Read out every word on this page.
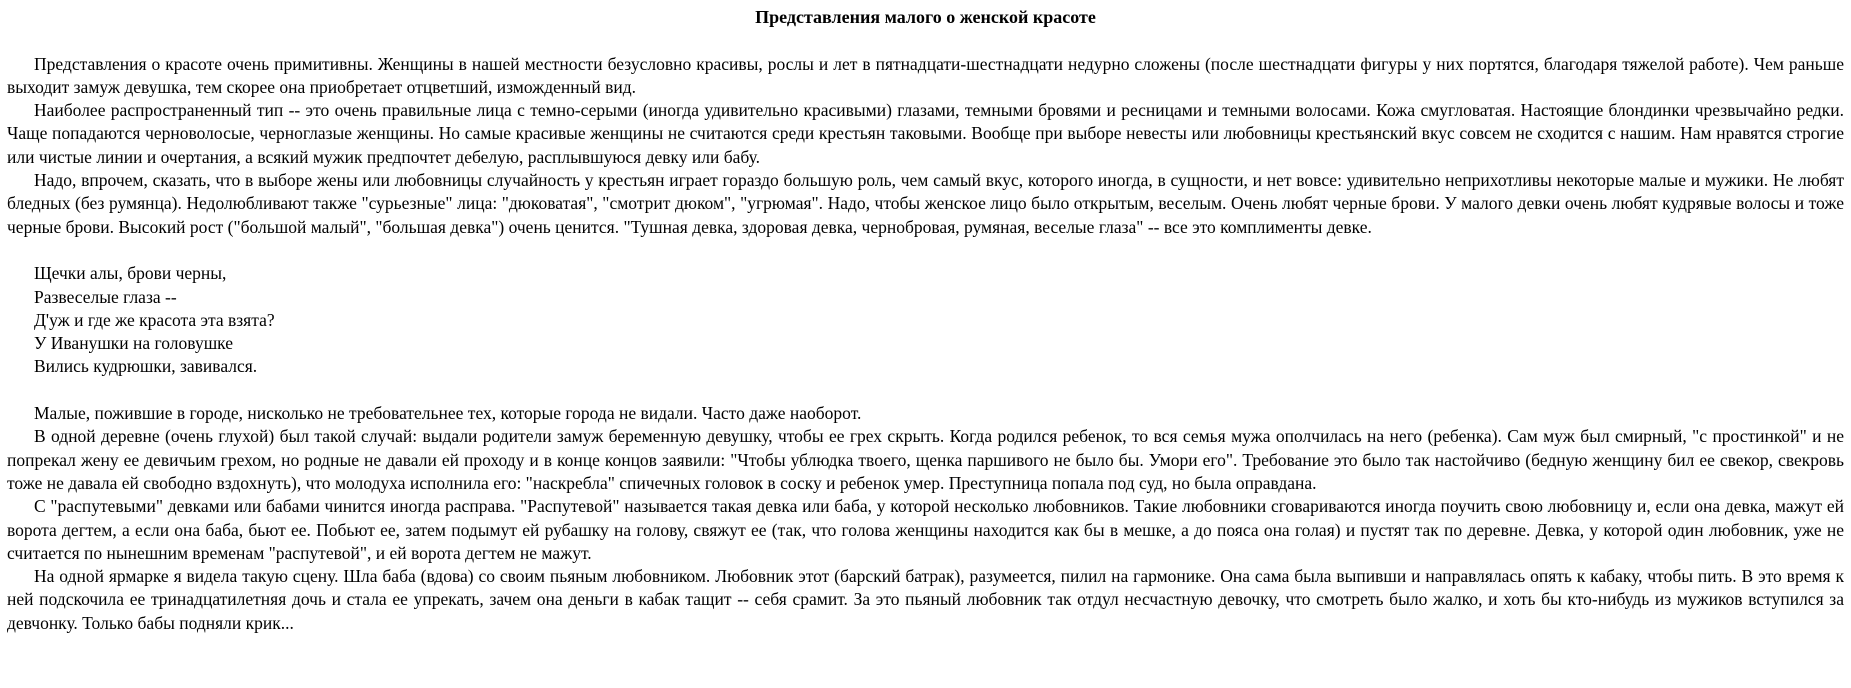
Представления малого о женской красоте

Представления о красоте очень примитивны. Женщины в нашей местности безусловно красивы, рослы и лет в пятнадцати-шестнадцати недурно сложены (после шестнадцати фигуры у них портятся, благодаря тяжелой работе). Чем раньше выходит замуж девушка, тем скорее она приобретает отцветший, изможденный вид.

Наиболее распространенный тип -- это очень правильные лица с темно-серыми (иногда удивительно красивыми) глазами, темными бровями и ресницами и темными волосами. Кожа смугловатая. Настоящие блондинки чрезвычайно редки. Чаще попадаются черноволосые, черноглазые женщины. Но самые красивые женщины не считаются среди крестьян таковыми. Вообще при выборе невесты или любовницы крестьянский вкус совсем не сходится с нашим. Нам нравятся строгие или чистые линии и очертания, а всякий мужик предпочтет дебелую, расплывшуюся девку или бабу.

Надо, впрочем, сказать, что в выборе жены или любовницы случайность у крестьян играет гораздо большую роль, чем самый вкус, которого иногда, в сущности, и нет вовсе: удивительно неприхотливы некоторые малые и мужики. Не любят бледных (без румянца). Недолюбливают также "сурьезные" лица: "дюковатая", "смотрит дюком", "угрюмая". Надо, чтобы женское лицо было открытым, веселым. Очень любят черные брови. У малого девки очень любят кудрявые волосы и тоже черные брови. Высокий рост ("большой малый", "большая девка") очень ценится. "Тушная девка, здоровая девка, чернобровая, румяная, веселые глаза" -- все это комплименты девке.

Щечки алы, брови черны,
Развеселые глаза --
Д'уж и где же красота эта взята?
У Иванушки на головушке
Вились кудрюшки, завивался.

Малые, пожившие в городе, нисколько не требовательнее тех, которые города не видали. Часто даже наоборот.

В одной деревне (очень глухой) был такой случай: выдали родители замуж беременную девушку, чтобы ее грех скрыть. Когда родился ребенок, то вся семья мужа ополчилась на него (ребенка). Сам муж был смирный, "с простинкой" и не попрекал жену ее девичьим грехом, но родные не давали ей проходу и в конце концов заявили: "Чтобы ублюдка твоего, щенка паршивого не было бы. Умори его". Требование это было так настойчиво (бедную женщину бил ее свекор, свекровь тоже не давала ей свободно вздохнуть), что молодуха исполнила его: "наскребла" спичечных головок в соску и ребенок умер. Преступница попала под суд, но была оправдана.

С "распутевыми" девками или бабами чинится иногда расправа. "Распутевой" называется такая девка или баба, у которой несколько любовников. Такие любовники сговариваются иногда поучить свою любовницу и, если она девка, мажут ей ворота дегтем, а если она баба, бьют ее. Побьют ее, затем подымут ей рубашку на голову, свяжут ее (так, что голова женщины находится как бы в мешке, а до пояса она голая) и пустят так по деревне. Девка, у которой один любовник, уже не считается по нынешним временам "распутевой", и ей ворота дегтем не мажут.

На одной ярмарке я видела такую сцену. Шла баба (вдова) со своим пьяным любовником. Любовник этот (барский батрак), разумеется, пилил на гармонике. Она сама была выпивши и направлялась опять к кабаку, чтобы пить. В это время к ней подскочила ее тринадцатилетняя дочь и стала ее упрекать, зачем она деньги в кабак тащит -- себя срамит. За это пьяный любовник так отдул несчастную девочку, что смотреть было жалко, и хоть бы кто-нибудь из мужиков вступился за девчонку. Только бабы подняли крик...
